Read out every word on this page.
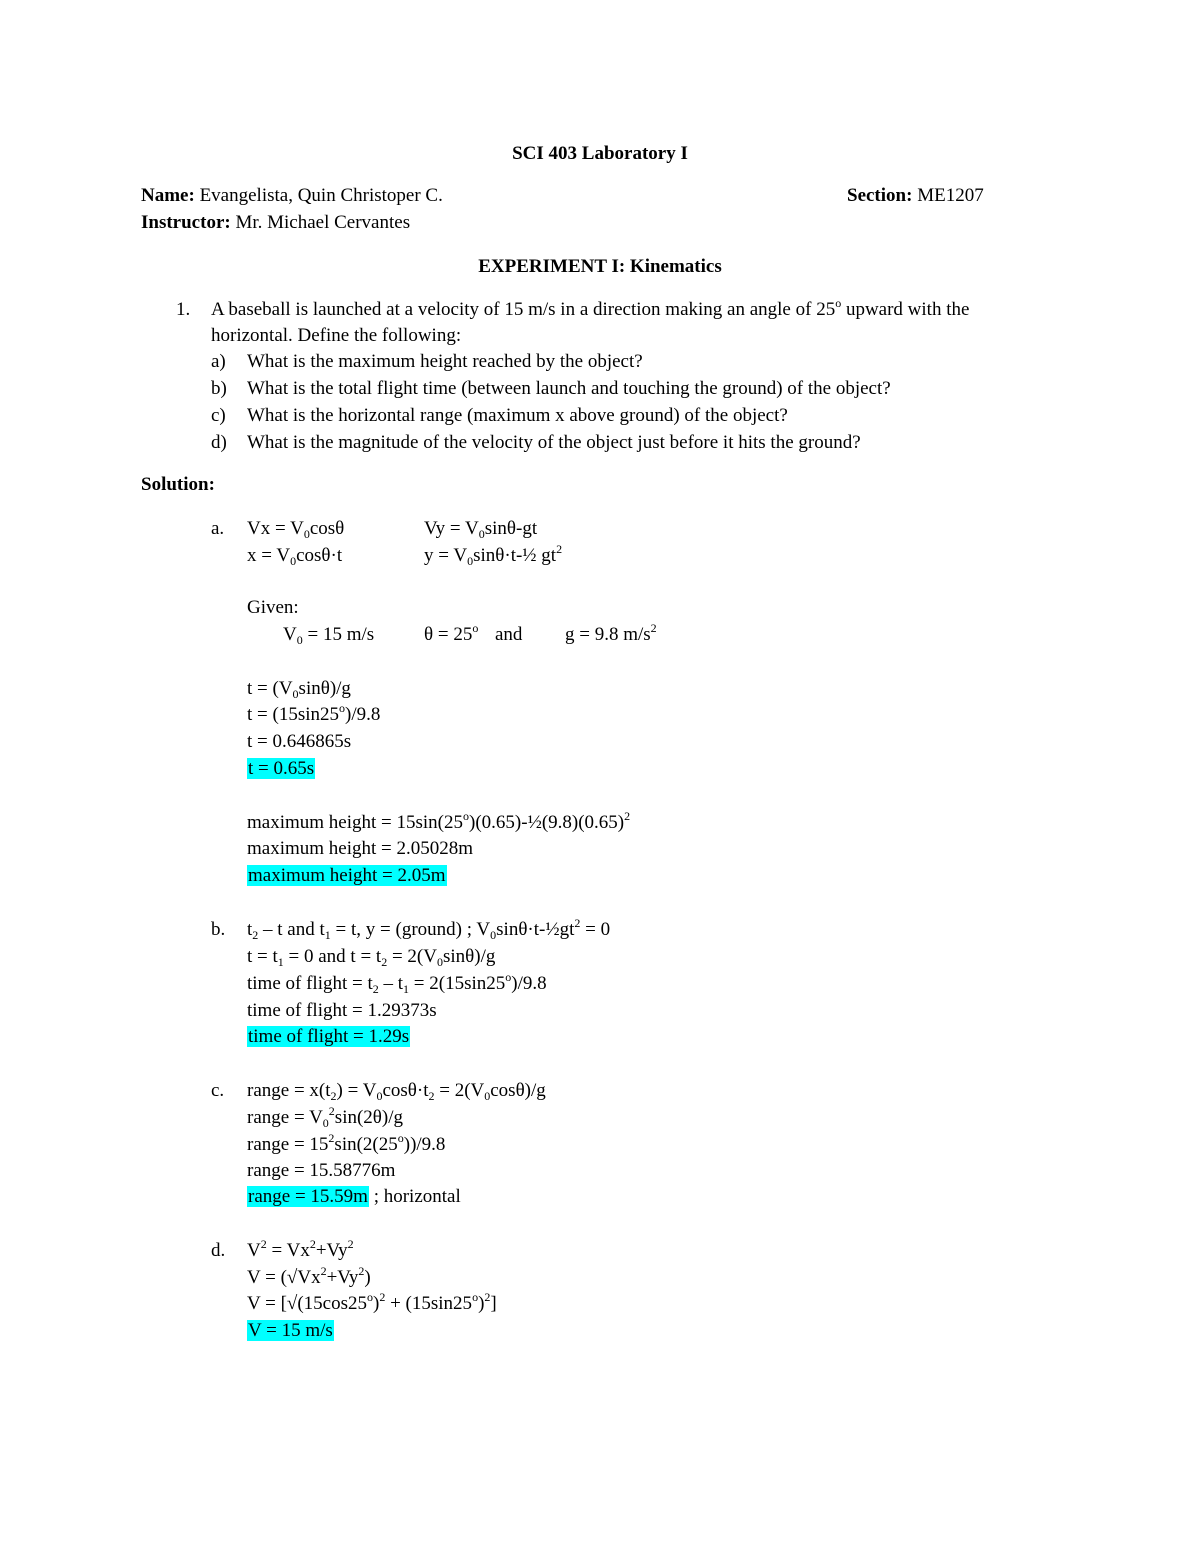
SCI 403 Laboratory I
Name: Evangelista, Quin Christoper C.	Section: ME1207
Instructor: Mr. Michael Cervantes
EXPERIMENT I: Kinematics
1. A baseball is launched at a velocity of 15 m/s in a direction making an angle of 25$^o$ upward with the
horizontal. Define the following:
a) What is the maximum height reached by the object?
b) What is the total flight time (between launch and touching the ground) of the object?
c) What is the horizontal range (maximum x above ground) of the object?
d) What is the magnitude of the velocity of the object just before it hits the ground?
Solution:
a. $Vx = V_0\cos\theta$	$Vy = V_0\sin\theta-gt$
$x = V_0\cos\theta\cdot t$	$y = V_0\sin\theta\cdot t-\frac{1}{2}$ $gt^2$
Given:
$V_0 = 15$ m/s	$\theta = 25^o$ and g = 9.8 $m/s^2$
$t = (V_0\sin\theta)/g$
$t = (15\sin 25^o)/9.8$
t = 0.646865s
t = 0.65s
maximum height = $15\sin(25^o)(0.65)-\frac{1}{2}(9.8)(0.65)^2$
maximum height = 2.05028m
maximum height = 2.05m
b. $t_2$ – t and $t_1 = t$, y = (ground) ; $V_0\sin\theta\cdot t-\frac{1}{2}gt^2 = 0$
$t = t_1 = 0$ and $t = t_2 = 2(V_0\sin\theta)/g$
time of flight = $t_2 - t_1 = 2(15\sin 25^o)/9.8$
time of flight = 1.29373s
time of flight = 1.29s
c. range = $x(t_2) = V_0\cos\theta\cdot t_2 = 2(V_0\cos\theta)/g$
range = $V_0^2\sin(2\theta)/g$
range = $15^2\sin(2(25^o))/9.8$
range = 15.58776m
range = 15.59m ; horizontal
d. $V^2 = Vx^2+Vy^2$
$V = (√Vx^2+Vy^2)$
$V = [√(15\cos 25^o)^2 + (15\sin 25^o)^2]$
V = 15 m/s
